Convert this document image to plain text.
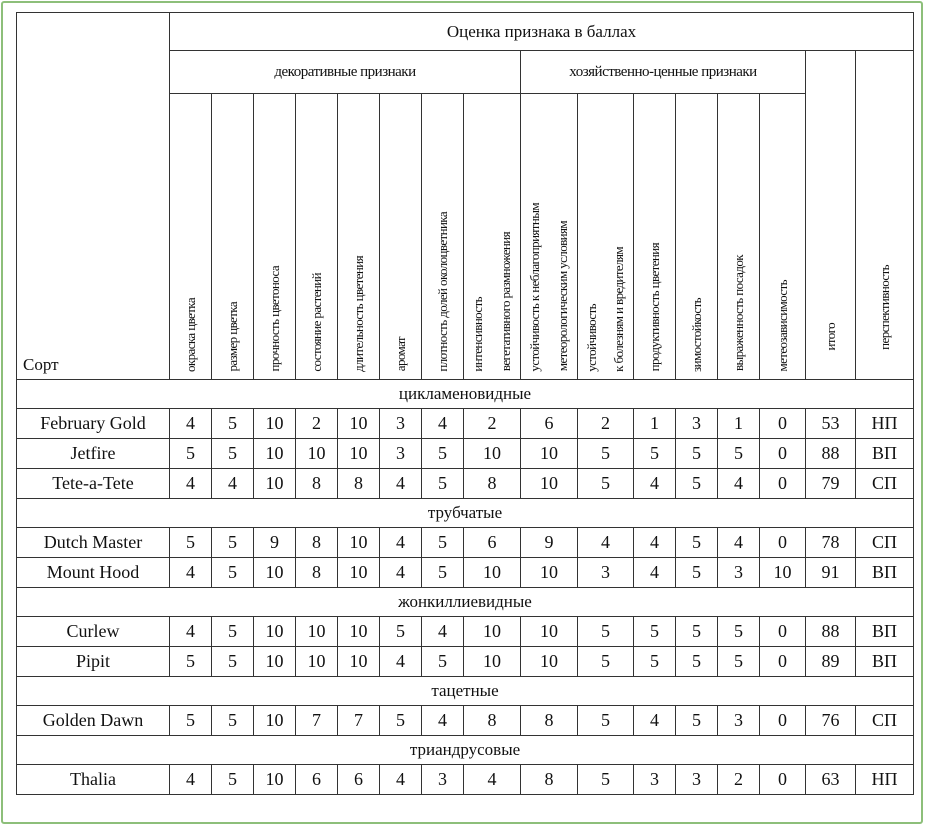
Сорт	Оценка признака в баллах															
	декоративные признаки								хозяйственно-ценные признаки						итого	перспективность

	окраска цветка	размер цветка	прочность цветоноса	состояние растений	длительность цветения	аромат	плотность долей околоцветника	интенсивность вегетативного размножения	устойчивость к неблагоприятным метеорологическим условиям	устойчивость к болезням и вредителям	продуктивность цветения	зимостойкость	выраженность посадок	метеозависимость		

цикламеновидные																
February Gold	4	5	10	2	10	3	4	2	6	2	1	3	1	0	53	НП
Jetfire	5	5	10	10	10	3	5	10	10	5	5	5	5	0	88	ВП
Tete-a-Tete	4	4	10	8	8	4	5	8	10	5	4	5	4	0	79	СП
трубчатые																
Dutch Master	5	5	9	8	10	4	5	6	9	4	4	5	4	0	78	СП
Mount Hood	4	5	10	8	10	4	5	10	10	3	4	5	3	10	91	ВП
жонкиллиевидные																
Curlew	4	5	10	10	10	5	4	10	10	5	5	5	5	0	88	ВП
Pipit	5	5	10	10	10	4	5	10	10	5	5	5	5	0	89	ВП
тацетные																
Golden Dawn	5	5	10	7	7	5	4	8	8	5	4	5	3	0	76	СП
триандрусовые																
Thalia	4	5	10	6	6	4	3	4	8	5	3	3	2	0	63	НП
